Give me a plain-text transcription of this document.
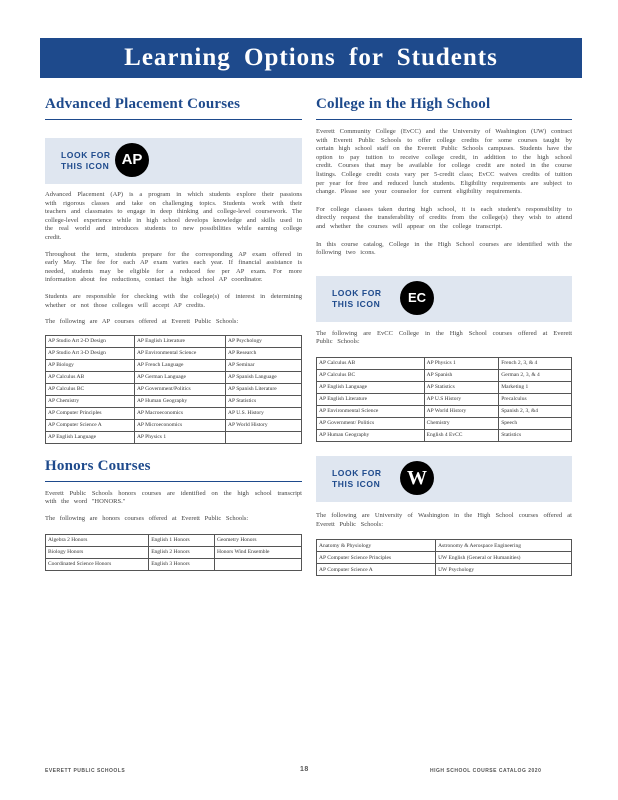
Learning Options for Students
Advanced Placement Courses
LOOK FOR
THIS ICON AP

Advanced Placement (AP) is a program in which students explore their passions with rigorous classes and take on challenging topics. Students work with their teachers and classmates to engage in deep thinking and college-level coursework. The college-level experience while in high school develops knowledge and skills used in the real world and introduces students to new possibilities while earning college credit.

Throughout the term, students prepare for the corresponding AP exam offered in early May. The fee for each AP exam varies each year. If financial assistance is needed, students may be eligible for a reduced fee per AP exam. For more information about fee reductions, contact the high school AP coordinator.

Students are responsible for checking with the college(s) of interest in determining whether or not those colleges will accept AP credits.

The following are AP courses offered at Everett Public Schools:

AP Studio Art 2-D Design	AP English Literature	AP Psychology
AP Studio Art 3-D Design	AP Environmental Science	AP Research
AP Biology	AP French Language	AP Seminar
AP Calculus AB	AP German Language	AP Spanish Language
AP Calculus BC	AP Government/Politics	AP Spanish Literature
AP Chemistry	AP Human Geography	AP Statistics
AP Computer Principles	AP Macroeconomics	AP U.S. History
AP Computer Science A	AP Microeconomics	AP World History
AP English Language	AP Physics 1	
Honors Courses

Everett Public Schools honors courses are identified on the high school transcript with the word "HONORS."

The following are honors courses offered at Everett Public Schools:

Algebra 2 Honors	English 1 Honors	Geometry Honors
Biology Honors	English 2 Honors	Honors Wind Ensemble
Coordinated Science Honors	English 3 Honors	
College in the High School

Everett Community College (EvCC) and the University of Washington (UW) contract with Everett Public Schools to offer college credits for some courses taught by certain high school staff on the Everett Public Schools campuses. Students have the option to pay tuition to receive college credit, in addition to the high school credit. Courses that may be available for college credit are noted in the course listings. College credit costs vary per 5-credit class; EvCC waives credits of tuition per year for free and reduced lunch students. Eligibility requirements are subject to change. Please see your counselor for current eligibility requirements.

For college classes taken during high school, it is each student's responsibility to directly request the transferability of credits from the college(s) they wish to attend and whether the courses will appear on the college transcript.

In this course catalog, College in the High School courses are identified with the following two icons.

LOOK FOR
THIS ICON	EC

The following are EvCC College in the High School courses offered at Everett Public Schools:

AP Calculus AB	AP Physics 1	French 2, 3, & 4
AP Calculus BC	AP Spanish	German 2, 3, & 4
AP English Language	AP Statistics	Marketing 1
AP English Literature	AP U.S History	Precalculus
AP Environmental Science	AP World History	Spanish 2, 3, &4
AP Government/ Politics	Chemistry	Speech
AP Human Geography	English 4 EvCC	Statistics
LOOK FOR
THIS ICON	W

The following are University of Washington in the High School courses offered at Everett Public Schools:

Anatomy & Physiology	Astronomy & Aerospace Engineering
AP Computer Science Principles	UW English (General or Humanities)
AP Computer Science A	UW Psychology
EVERETT PUBLIC SCHOOLS	18	HIGH SCHOOL COURSE CATALOG 2020
